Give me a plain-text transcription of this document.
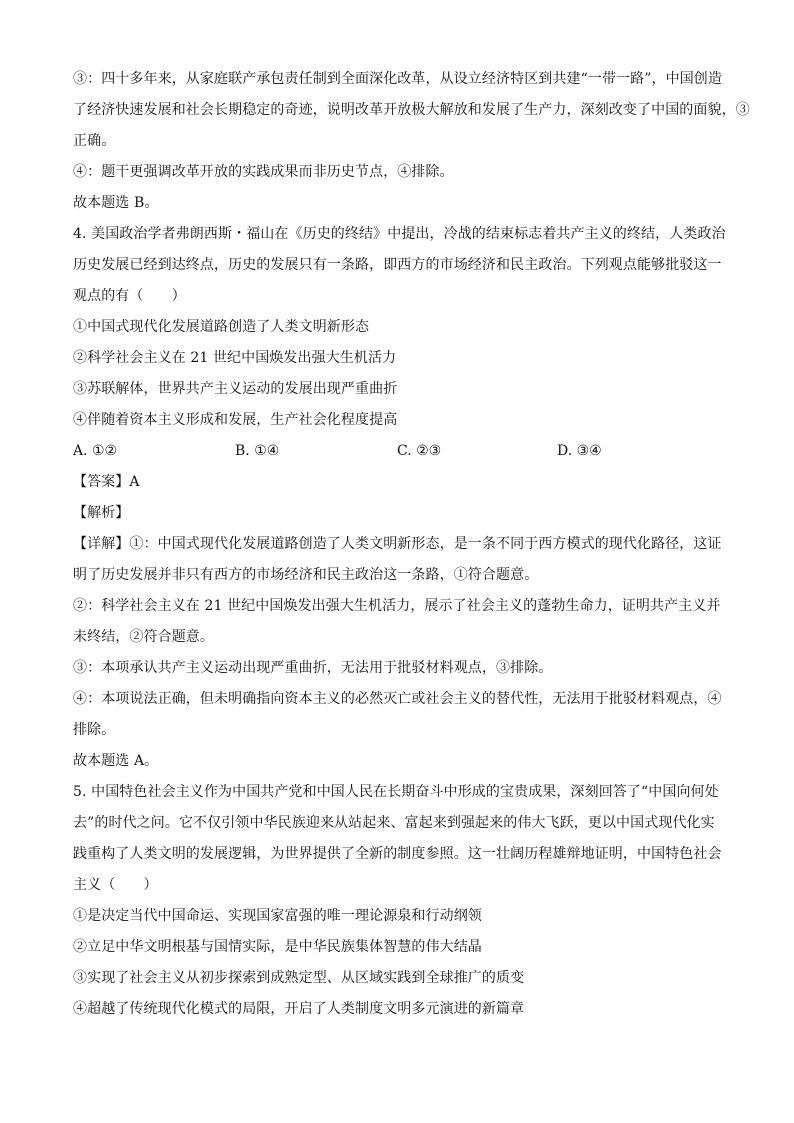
③：四十多年来，从家庭联产承包责任制到全面深化改革，从设立经济特区到共建“一带一路”，中国创造
了经济快速发展和社会长期稳定的奇迹，说明改革开放极大解放和发展了生产力，深刻改变了中国的面貌，③
正确。
④：题干更强调改革开放的实践成果而非历史节点，④排除。
故本题选 B。
4. 美国政治学者弗朗西斯・福山在《历史的终结》中提出，冷战的结束标志着共产主义的终结，人类政治
历史发展已经到达终点，历史的发展只有一条路，即西方的市场经济和民主政治。下列观点能够批驳这一
观点的有（　　）
①中国式现代化发展道路创造了人类文明新形态
②科学社会主义在 21 世纪中国焕发出强大生机活力
③苏联解体，世界共产主义运动的发展出现严重曲折
④伴随着资本主义形成和发展，生产社会化程度提高
A. ①②	B. ①④	C. ②③	D. ③④
【答案】A
【解析】
【详解】①：中国式现代化发展道路创造了人类文明新形态，是一条不同于西方模式的现代化路径，这证
明了历史发展并非只有西方的市场经济和民主政治这一条路，①符合题意。
②：科学社会主义在 21 世纪中国焕发出强大生机活力，展示了社会主义的蓬勃生命力，证明共产主义并
未终结，②符合题意。
③：本项承认共产主义运动出现严重曲折，无法用于批驳材料观点，③排除。
④：本项说法正确，但未明确指向资本主义的必然灭亡或社会主义的替代性，无法用于批驳材料观点，④
排除。
故本题选 A。
5. 中国特色社会主义作为中国共产党和中国人民在长期奋斗中形成的宝贵成果，深刻回答了“中国向何处
去”的时代之问。它不仅引领中华民族迎来从站起来、富起来到强起来的伟大飞跃，更以中国式现代化实
践重构了人类文明的发展逻辑，为世界提供了全新的制度参照。这一壮阔历程雄辩地证明，中国特色社会
主义（　　）
①是决定当代中国命运、实现国家富强的唯一理论源泉和行动纲领
②立足中华文明根基与国情实际，是中华民族集体智慧的伟大结晶
③实现了社会主义从初步探索到成熟定型、从区域实践到全球推广的质变
④超越了传统现代化模式的局限，开启了人类制度文明多元演进的新篇章
